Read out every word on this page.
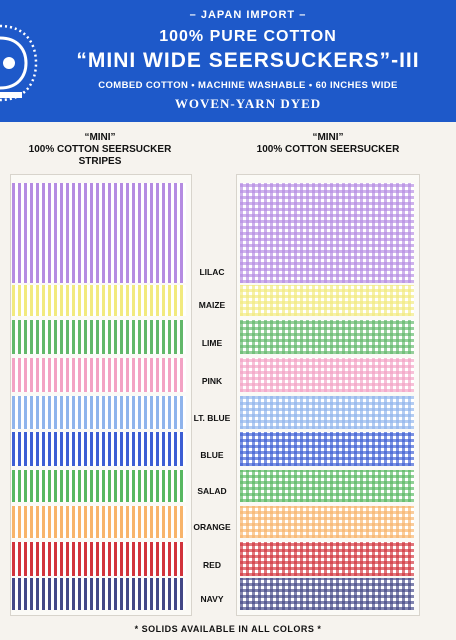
– JAPAN IMPORT –
100% PURE COTTON
“MINI WIDE SEERSUCKERS”-III
COMBED COTTON • MACHINE WASHABLE • 60 INCHES WIDE
WOVEN-YARN DYED
“MINI”
100% COTTON SEERSUCKER
STRIPES
“MINI”
100% COTTON SEERSUCKER
LILAC
MAIZE
LIME
PINK
LT. BLUE
BLUE
SALAD
ORANGE
RED
NAVY
* SOLIDS AVAILABLE IN ALL COLORS *
